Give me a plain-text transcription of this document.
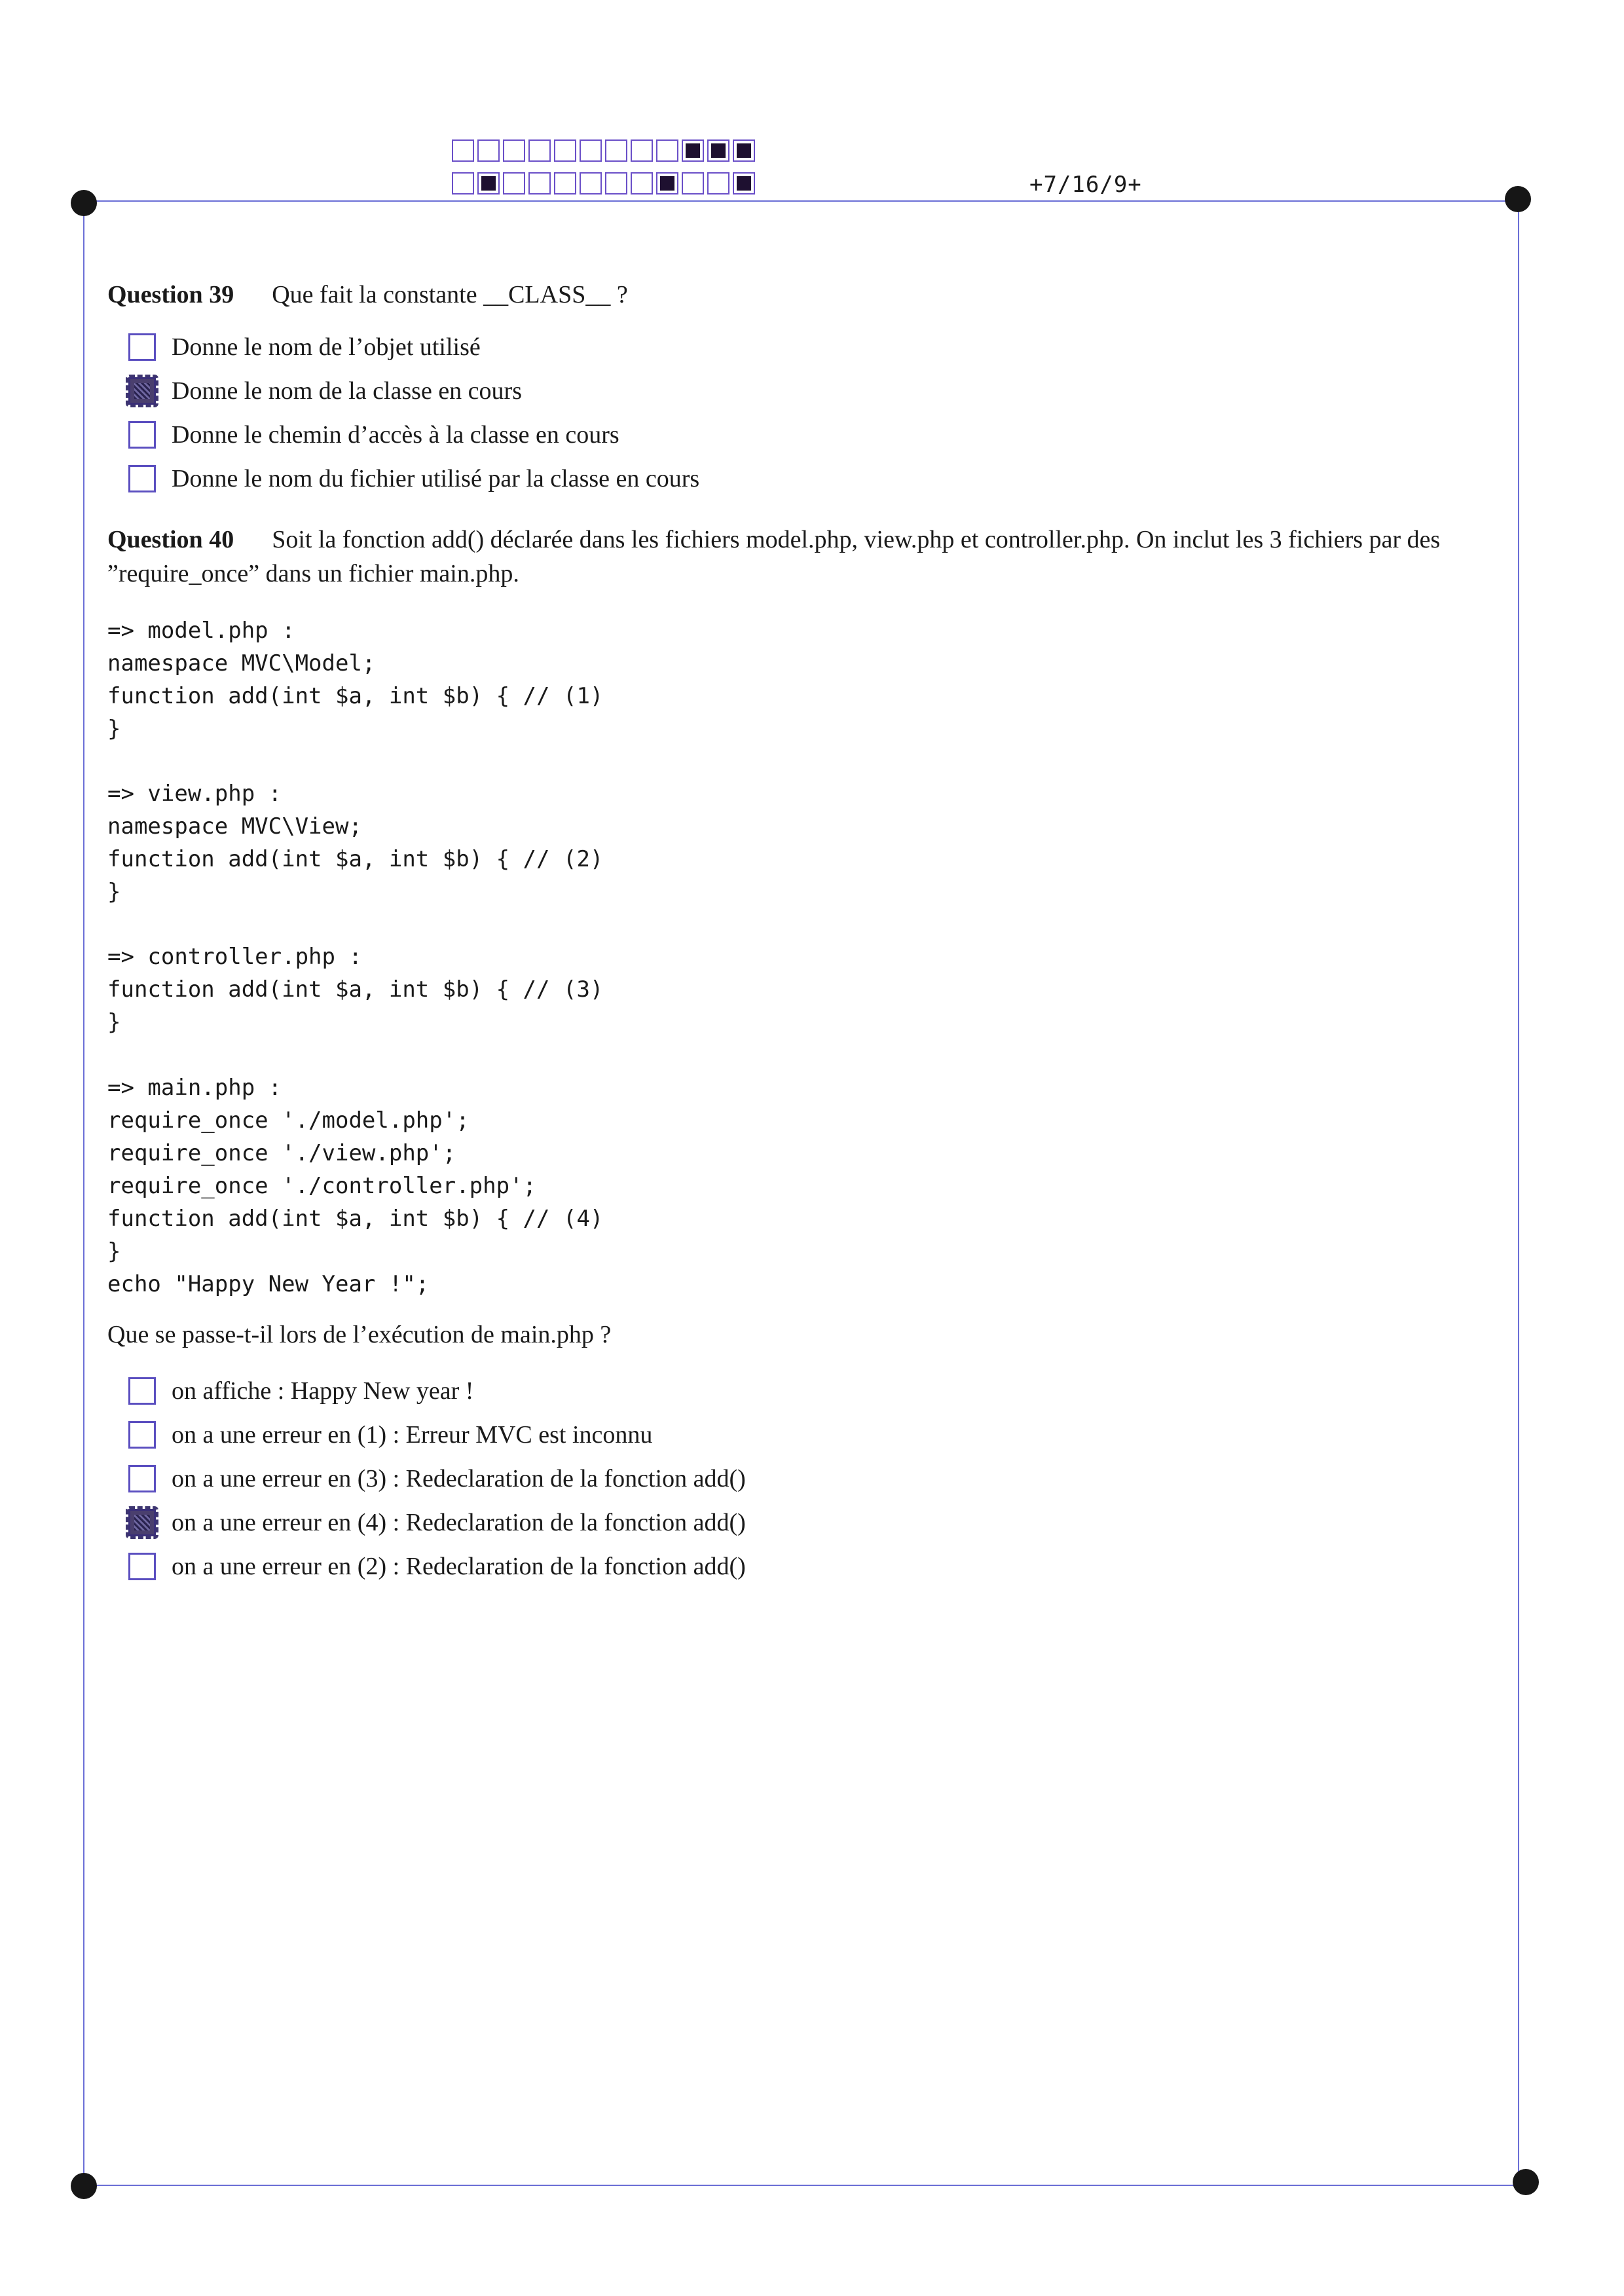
+7/16/9+
Question 39 Que fait la constante __CLASS__ ?
Donne le nom de l’objet utilisé
Donne le nom de la classe en cours
Donne le chemin d’accès à la classe en cours
Donne le nom du fichier utilisé par la classe en cours
Question 40 Soit la fonction add() déclarée dans les fichiers model.php, view.php et controller.php. On inclut les 3 fichiers par des ”require_once” dans un fichier main.php.
=> model.php :
namespace MVC\Model;
function add(int $a, int $b) { // (1)
}
=> view.php :
namespace MVC\View;
function add(int $a, int $b) { // (2)
}
=> controller.php :
function add(int $a, int $b) { // (3)
}
=> main.php :
require_once './model.php';
require_once './view.php';
require_once './controller.php';
function add(int $a, int $b) { // (4)
}
echo "Happy New Year !";
Que se passe-t-il lors de l’exécution de main.php ?
on affiche : Happy New year !
on a une erreur en (1) : Erreur MVC est inconnu
on a une erreur en (3) : Redeclaration de la fonction add()
on a une erreur en (4) : Redeclaration de la fonction add()
on a une erreur en (2) : Redeclaration de la fonction add()
